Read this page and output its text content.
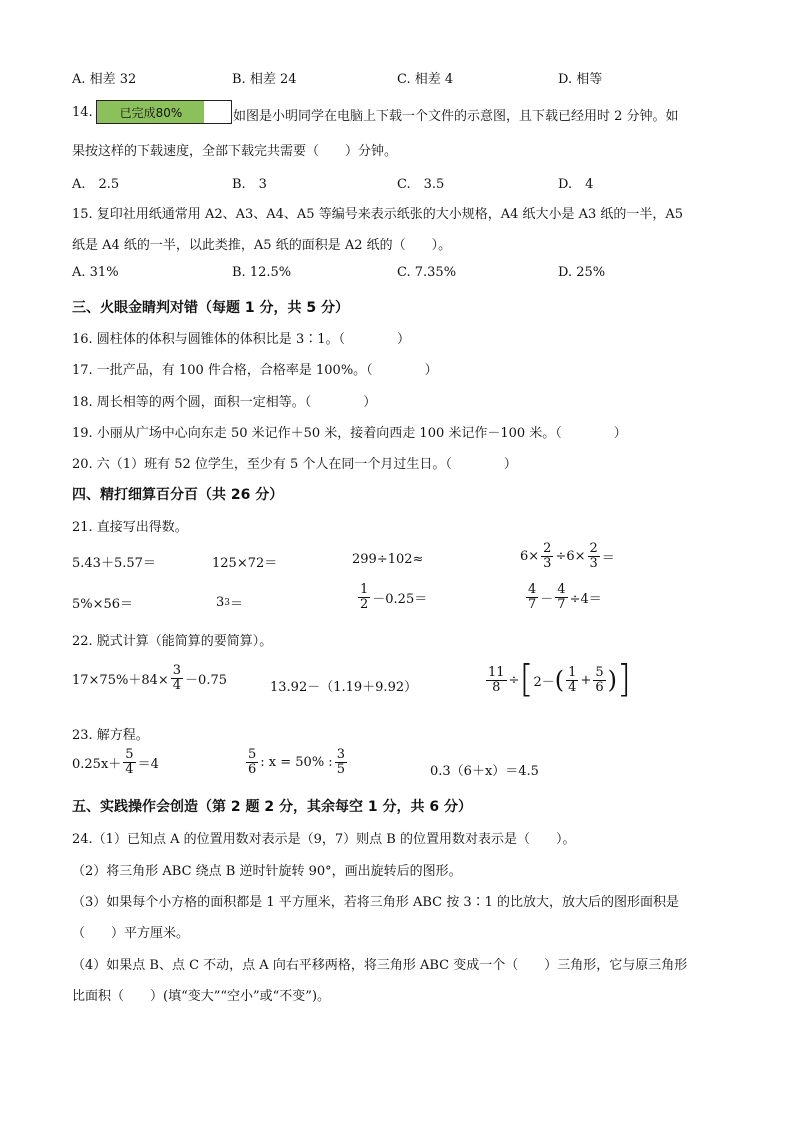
A. 相差 32	B. 相差 24	C. 相差 4	D. 相等
14.	已完成80%	如图是小明同学在电脑上下载一个文件的示意图，且下载已经用时 2 分钟。如
果按这样的下载速度，全部下载完共需要（　　）分钟。
A.　2.5	B.　3	C.　3.5	D.　4
15. 复印社用纸通常用 A2、A3、A4、A5 等编号来表示纸张的大小规格，A4 纸大小是 A3 纸的一半，A5
纸是 A4 纸的一半，以此类推，A5 纸的面积是 A2 纸的（　　）。
A. 31%	B. 12.5%	C. 7.35%	D. 25%
三、火眼金睛判对错（每题 1 分，共 5 分）
16. 圆柱体的体积与圆锥体的体积比是 3∶1。（　　　　）
17. 一批产品，有 100 件合格，合格率是 100%。（　　　　）
18. 周长相等的两个圆，面积一定相等。（　　　　）
19. 小丽从广场中心向东走 50 米记作＋50 米，接着向西走 100 米记作－100 米。（　　　　）
20. 六（1）班有 52 位学生，至少有 5 个人在同一个月过生日。（　　　　）
四、精打细算百分百（共 26 分）
21. 直接写出得数。
5.43＋5.57＝	125×72＝	299÷102≈	$6\times \frac{2}{3} \div 6\times \frac{2}{3}$ ＝
5%×56＝	3 3 ＝	$\frac{1}{2} -0.25=$	$\frac{4}{7} - \frac{4}{7} \div 4=$
22. 脱式计算（能简算的要简算）。
$17\times 75\%+84\times \frac{3}{4} -0.75$	13.92－（1.19＋9.92）	$\frac{11}{8}$ ÷ [ 2－ ( $\frac{1}{4} + \frac{5}{6}$ ) ]
23. 解方程。
$0.25x+ \frac{5}{4} =4$	$\frac{5}{6}$ : x = 50% : $\frac{3}{5}$	0.3（6＋x）＝4.5
五、实践操作会创造（第 2 题 2 分，其余每空 1 分，共 6 分）
24.（1）已知点 A 的位置用数对表示是（9，7）则点 B 的位置用数对表示是（　　）。
（2）将三角形 ABC 绕点 B 逆时针旋转 90°，画出旋转后的图形。
（3）如果每个小方格的面积都是 1 平方厘米，若将三角形 ABC 按 3∶1 的比放大，放大后的图形面积是
（　　）平方厘米。
（4）如果点 B、点 C 不动，点 A 向右平移两格，将三角形 ABC 变成一个（　　）三角形，它与原三角形
比面积（　　）(填“变大”“空小”或“不变”)。
